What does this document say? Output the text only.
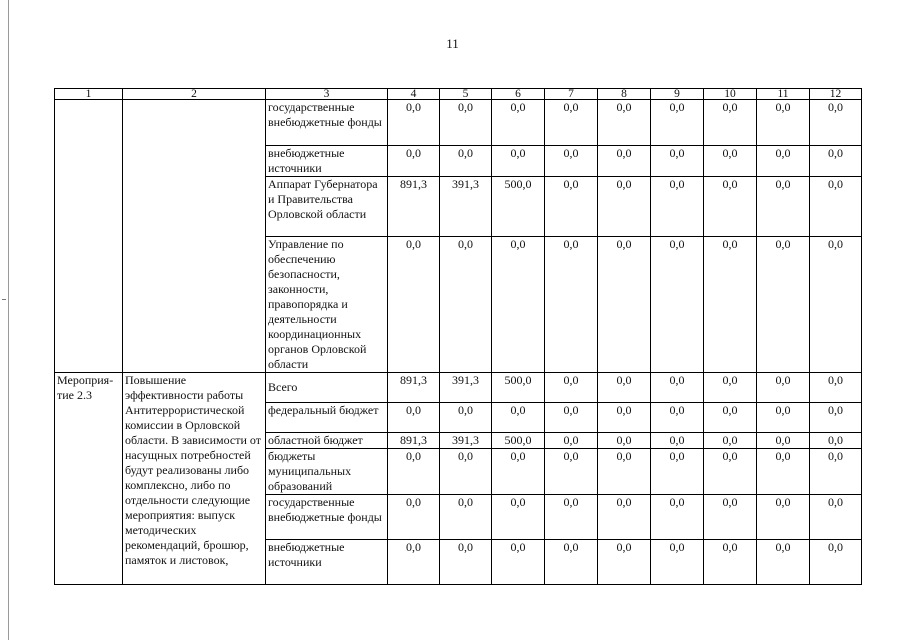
11
1	2	3	4	5	6	7	8	9	10	11	12
		государственные внебюджетные фонды	0,0	0,0	0,0	0,0	0,0	0,0	0,0	0,0	0,0
		внебюджетные источники	0,0	0,0	0,0	0,0	0,0	0,0	0,0	0,0	0,0
		Аппарат Губернатора и Правительства Орловской области	891,3	391,3	500,0	0,0	0,0	0,0	0,0	0,0	0,0
		Управление по обеспечению безопасности, законности, правопорядка и деятельности координационных органов Орловской области	0,0	0,0	0,0	0,0	0,0	0,0	0,0	0,0	0,0
Мероприя-тие 2.3	Повышение эффективности работы Антитеррористической комиссии в Орловской области. В зависимости от насущных потребностей будут реализованы либо комплексно, либо по отдельности следующие мероприятия: выпуск методических рекомендаций, брошюр, памяток и листовок,	Всего	891,3	391,3	500,0	0,0	0,0	0,0	0,0	0,0	0,0
		федеральный бюджет	0,0	0,0	0,0	0,0	0,0	0,0	0,0	0,0	0,0
		областной бюджет	891,3	391,3	500,0	0,0	0,0	0,0	0,0	0,0	0,0
		бюджеты муниципальных образований	0,0	0,0	0,0	0,0	0,0	0,0	0,0	0,0	0,0
		государственные внебюджетные фонды	0,0	0,0	0,0	0,0	0,0	0,0	0,0	0,0	0,0
		внебюджетные источники	0,0	0,0	0,0	0,0	0,0	0,0	0,0	0,0	0,0
